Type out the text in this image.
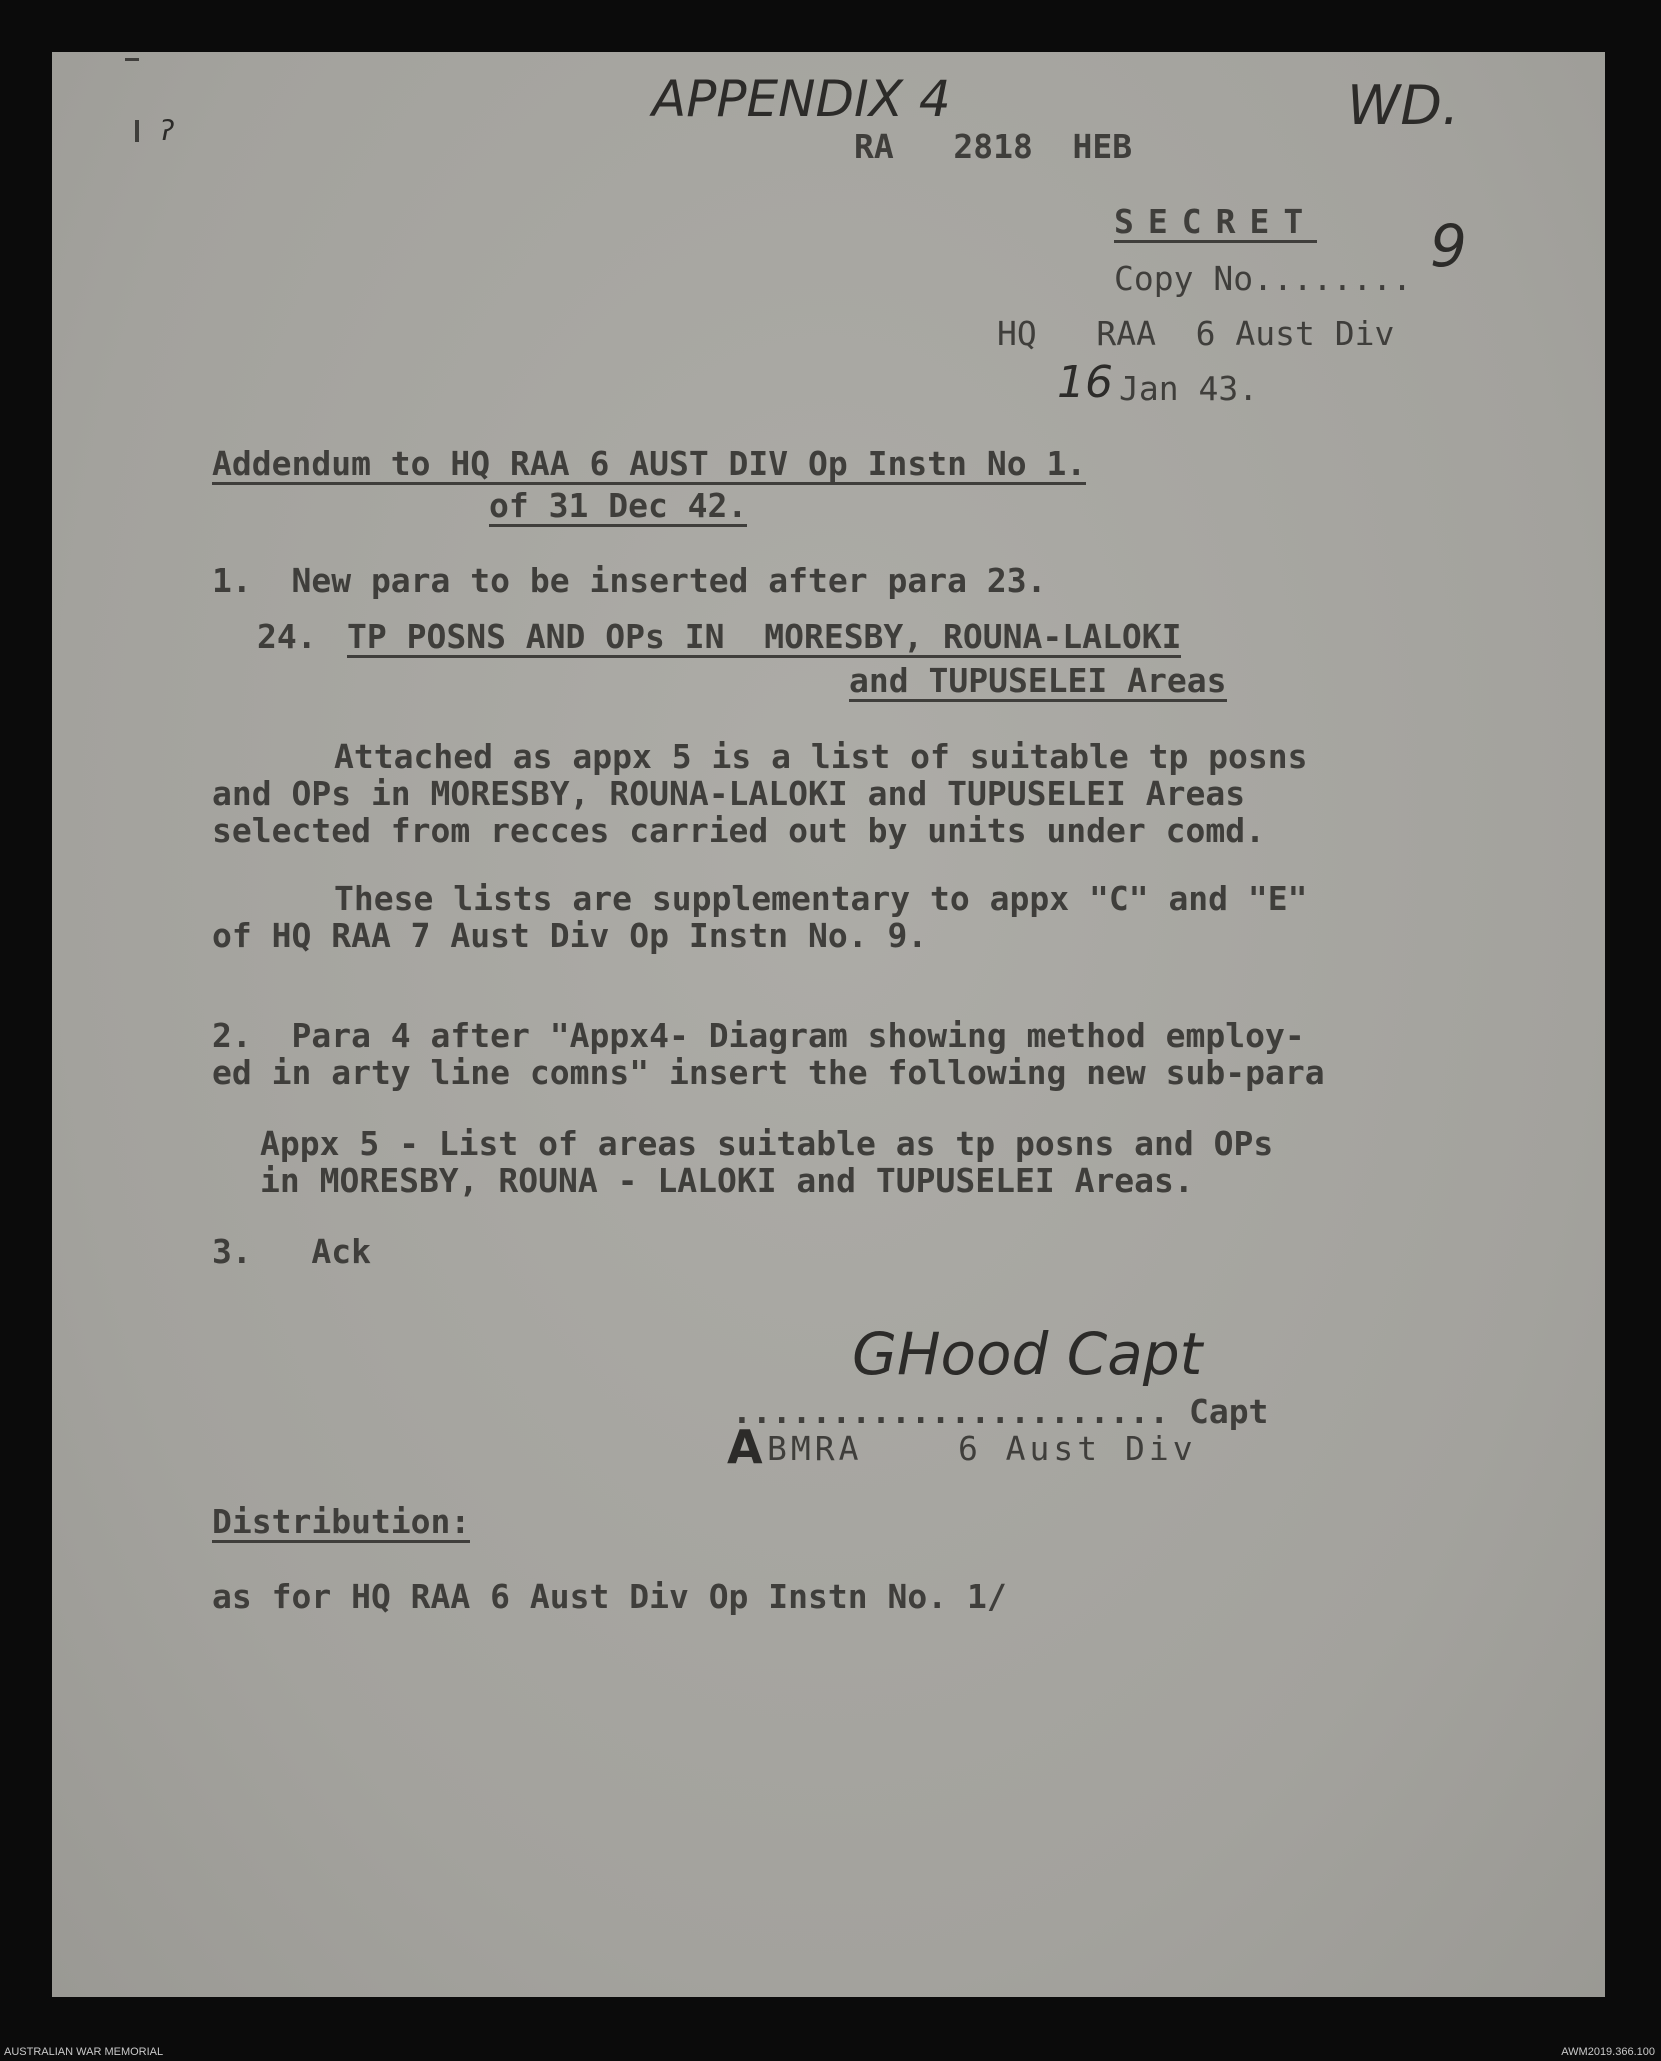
ʔ
APPENDIX 4	WD.
RA   2818  HEB
SECRET 9
Copy No........
HQ   RAA  6 Aust Div
16 Jan 43.
Addendum to HQ RAA 6 AUST DIV Op Instn No 1.
of 31 Dec 42.
1.  New para to be inserted after para 23.
24. TP POSNS AND OPs IN  MORESBY, ROUNA-LALOKI
and TUPUSELEI Areas
Attached as appx 5 is a list of suitable tp posns
and OPs in MORESBY, ROUNA-LALOKI and TUPUSELEI Areas
selected from recces carried out by units under comd.
These lists are supplementary to appx "C" and "E"
of HQ RAA 7 Aust Div Op Instn No. 9.
2.  Para 4 after "Appx4- Diagram showing method employ-
ed in arty line comns" insert the following new sub-para
Appx 5 - List of areas suitable as tp posns and OPs
in MORESBY, ROUNA - LALOKI and TUPUSELEI Areas.
3.   Ack
GHood Capt
...................... Capt
A BMRA    6 Aust Div
Distribution:
as for HQ RAA 6 Aust Div Op Instn No. 1/
AUSTRALIAN WAR MEMORIAL	AWM2019.366.100
